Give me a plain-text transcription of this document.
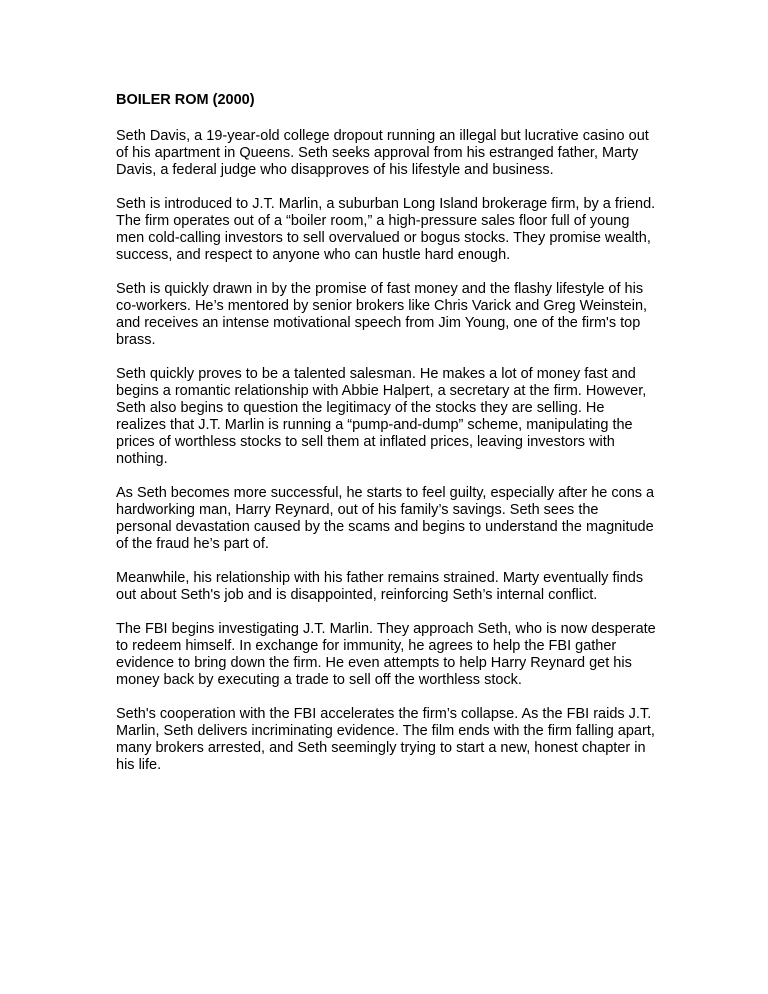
BOILER ROM (2000)

Seth Davis, a 19-year-old college dropout running an illegal but lucrative casino out of his apartment in Queens. Seth seeks approval from his estranged father, Marty Davis, a federal judge who disapproves of his lifestyle and business.

Seth is introduced to J.T. Marlin, a suburban Long Island brokerage firm, by a friend. The firm operates out of a “boiler room,” a high-pressure sales floor full of young men cold-calling investors to sell overvalued or bogus stocks. They promise wealth, success, and respect to anyone who can hustle hard enough.

Seth is quickly drawn in by the promise of fast money and the flashy lifestyle of his co-workers. He’s mentored by senior brokers like Chris Varick and Greg Weinstein, and receives an intense motivational speech from Jim Young, one of the firm's top brass.

Seth quickly proves to be a talented salesman. He makes a lot of money fast and begins a romantic relationship with Abbie Halpert, a secretary at the firm. However, Seth also begins to question the legitimacy of the stocks they are selling. He realizes that J.T. Marlin is running a “pump-and-dump” scheme, manipulating the prices of worthless stocks to sell them at inflated prices, leaving investors with nothing.

As Seth becomes more successful, he starts to feel guilty, especially after he cons a hardworking man, Harry Reynard, out of his family’s savings. Seth sees the personal devastation caused by the scams and begins to understand the magnitude of the fraud he’s part of.

Meanwhile, his relationship with his father remains strained. Marty eventually finds out about Seth's job and is disappointed, reinforcing Seth’s internal conflict.

The FBI begins investigating J.T. Marlin. They approach Seth, who is now desperate to redeem himself. In exchange for immunity, he agrees to help the FBI gather evidence to bring down the firm. He even attempts to help Harry Reynard get his money back by executing a trade to sell off the worthless stock.

Seth's cooperation with the FBI accelerates the firm’s collapse. As the FBI raids J.T. Marlin, Seth delivers incriminating evidence. The film ends with the firm falling apart, many brokers arrested, and Seth seemingly trying to start a new, honest chapter in his life.
